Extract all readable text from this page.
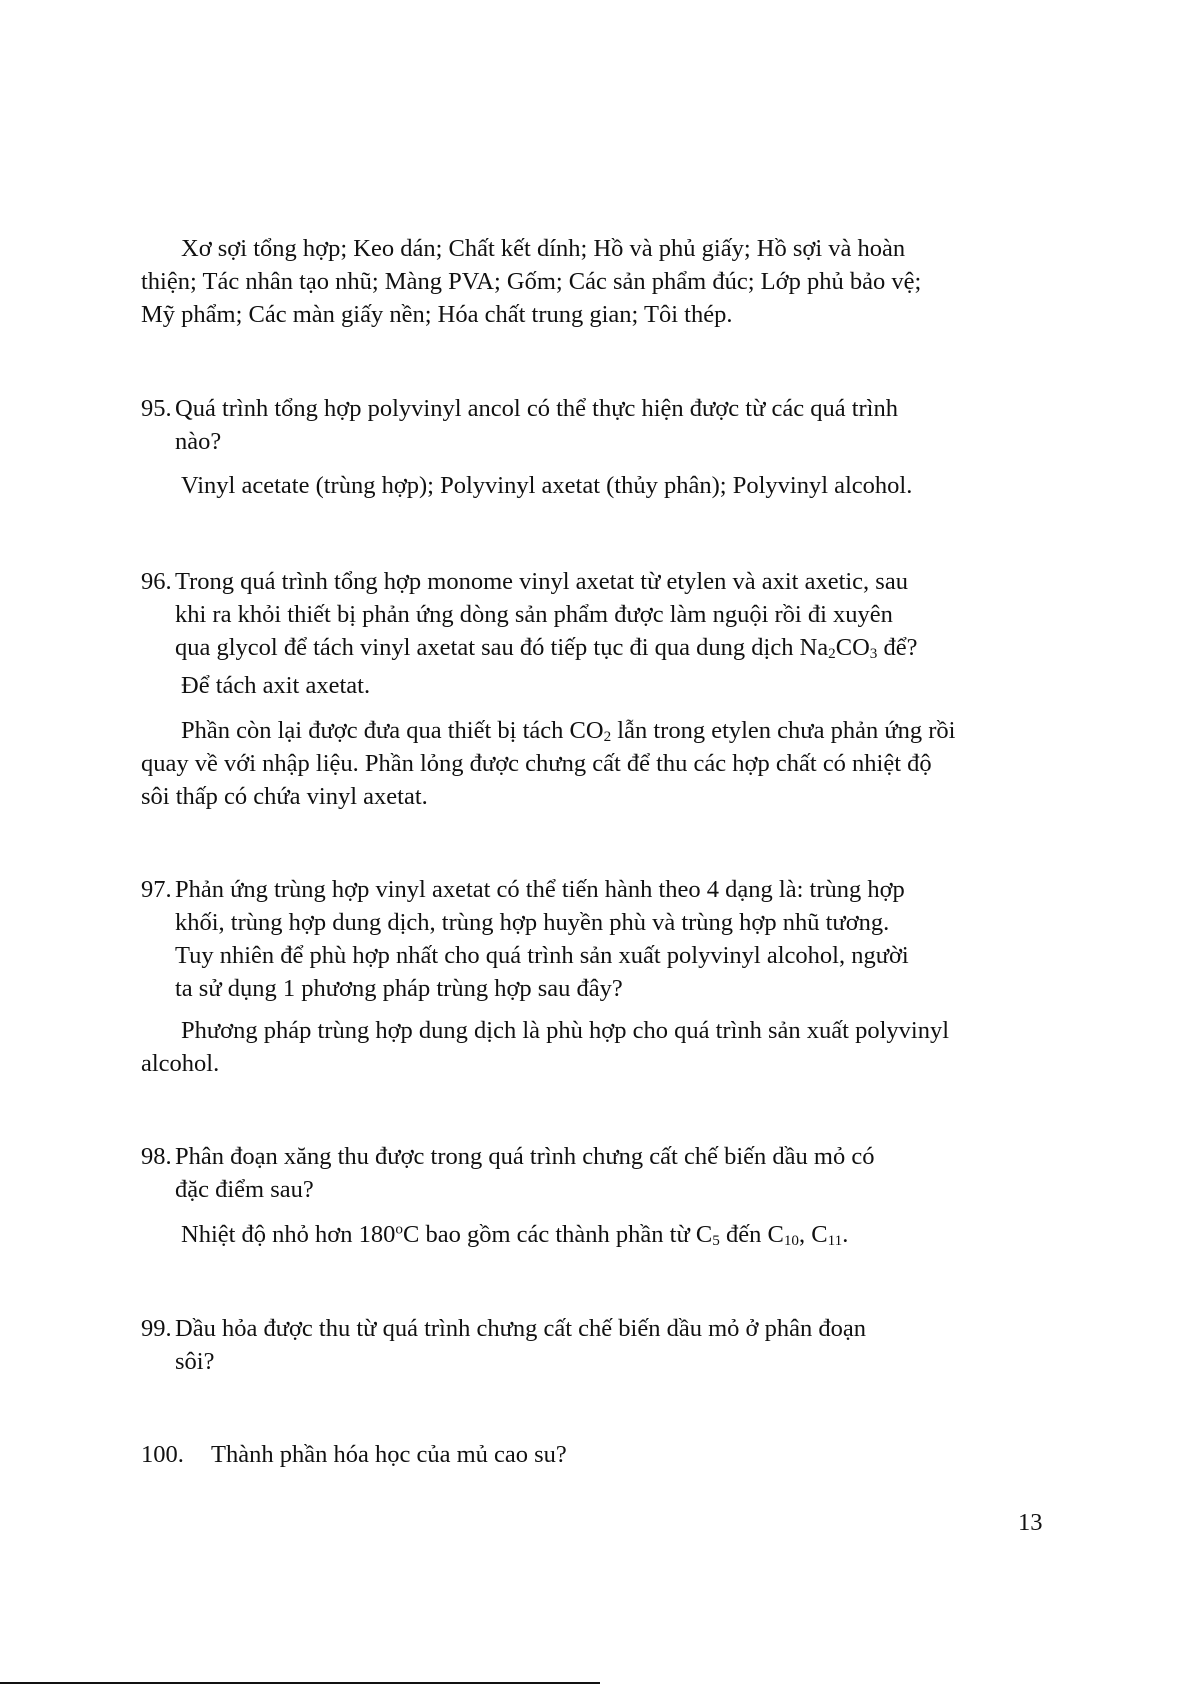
Xơ sợi tổng hợp; Keo dán; Chất kết dính; Hồ và phủ giấy; Hồ sợi và hoàn
thiện; Tác nhân tạo nhũ; Màng PVA; Gốm; Các sản phẩm đúc; Lớp phủ bảo vệ;
Mỹ phẩm; Các màn giấy nền; Hóa chất trung gian; Tôi thép.
95. Quá trình tổng hợp polyvinyl ancol có thể thực hiện được từ các quá trình nào?
Vinyl acetate (trùng hợp); Polyvinyl axetat (thủy phân); Polyvinyl alcohol.
96. Trong quá trình tổng hợp monome vinyl axetat từ etylen và axit axetic, sau
khi ra khỏi thiết bị phản ứng dòng sản phẩm được làm nguội rồi đi xuyên
qua glycol để tách vinyl axetat sau đó tiếp tục đi qua dung dịch $Na_2CO_3$ để?
Để tách axit axetat.
Phần còn lại được đưa qua thiết bị tách $CO_2$ lẫn trong etylen chưa phản ứng rồi
quay về với nhập liệu. Phần lỏng được chưng cất để thu các hợp chất có nhiệt độ
sôi thấp có chứa vinyl axetat.
97. Phản ứng trùng hợp vinyl axetat có thể tiến hành theo 4 dạng là: trùng hợp
khối, trùng hợp dung dịch, trùng hợp huyền phù và trùng hợp nhũ tương.
Tuy nhiên để phù hợp nhất cho quá trình sản xuất polyvinyl alcohol, người
ta sử dụng 1 phương pháp trùng hợp sau đây?
Phương pháp trùng hợp dung dịch là phù hợp cho quá trình sản xuất polyvinyl
alcohol.
98. Phân đoạn xăng thu được trong quá trình chưng cất chế biến dầu mỏ có
đặc điểm sau?
Nhiệt độ nhỏ hơn 180$^o$C bao gồm các thành phần từ $C_5$ đến $C_{10}$, $C_{11}$.
99. Dầu hỏa được thu từ quá trình chưng cất chế biến dầu mỏ ở phân đoạn
sôi?
100.	Thành phần hóa học của mủ cao su?
13
